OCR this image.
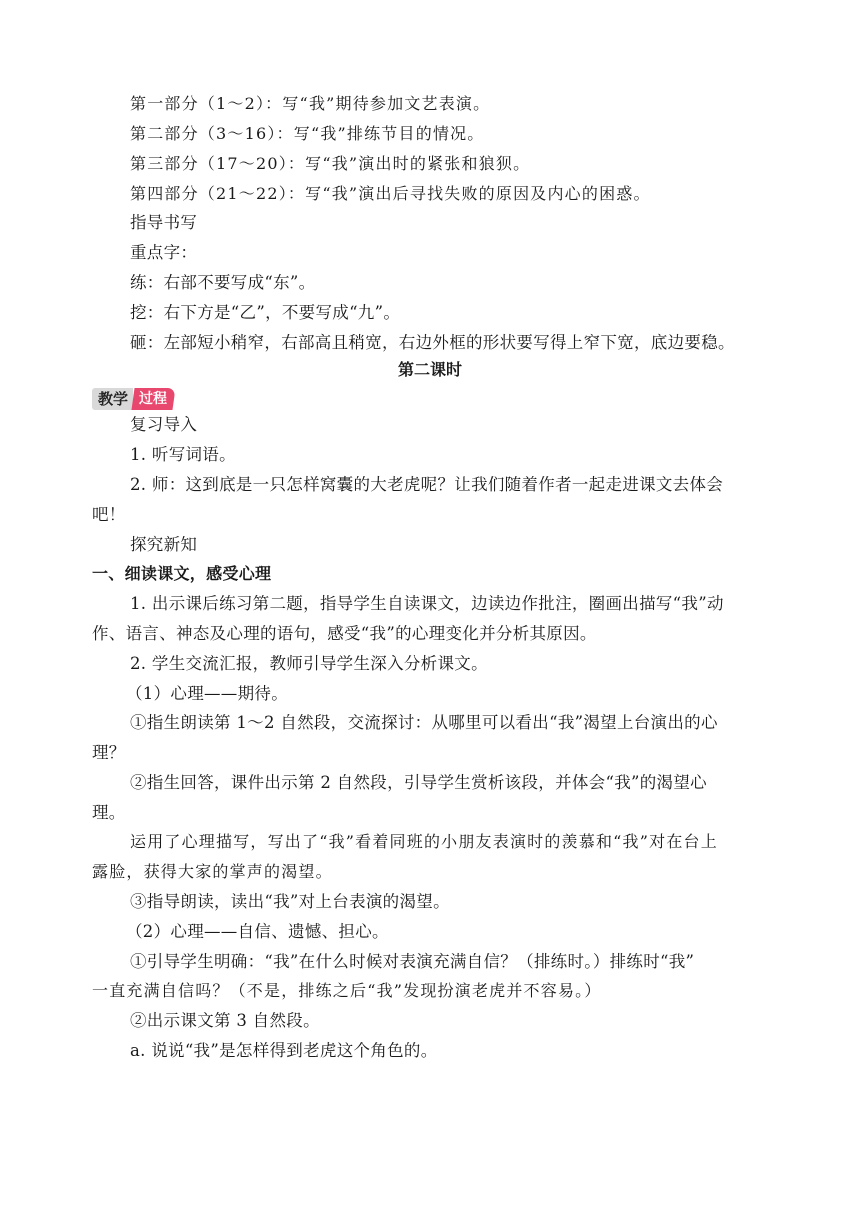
第一部分（1～2）：写“我”期待参加文艺表演。
第二部分（3～16）：写“我”排练节目的情况。
第三部分（17～20）：写“我”演出时的紧张和狼狈。
第四部分（21～22）：写“我”演出后寻找失败的原因及内心的困惑。
指导书写
重点字：
练：右部不要写成“东”。
挖：右下方是“乙”，不要写成“九”。
砸：左部短小稍窄，右部高且稍宽，右边外框的形状要写得上窄下宽，底边要稳。
第二课时
教学 过程
复习导入
1. 听写词语。
2. 师：这到底是一只怎样窝囊的大老虎呢？让我们随着作者一起走进课文去体会
吧！
探究新知
一、细读课文，感受心理
1. 出示课后练习第二题，指导学生自读课文，边读边作批注，圈画出描写“我”动
作、语言、神态及心理的语句，感受“我”的心理变化并分析其原因。
2. 学生交流汇报，教师引导学生深入分析课文。
（1）心理——期待。
①指生朗读第 1～2 自然段，交流探讨：从哪里可以看出“我”渴望上台演出的心
理？
②指生回答，课件出示第 2 自然段，引导学生赏析该段，并体会“我”的渴望心
理。
运用了心理描写，写出了“我”看着同班的小朋友表演时的羡慕和“我”对在台上
露脸，获得大家的掌声的渴望。
③指导朗读，读出“我”对上台表演的渴望。
（2）心理——自信、遗憾、担心。
①引导学生明确：“我”在什么时候对表演充满自信？（排练时。）排练时“我”
一直充满自信吗？（不是，排练之后“我”发现扮演老虎并不容易。）
②出示课文第 3 自然段。
a. 说说“我”是怎样得到老虎这个角色的。
